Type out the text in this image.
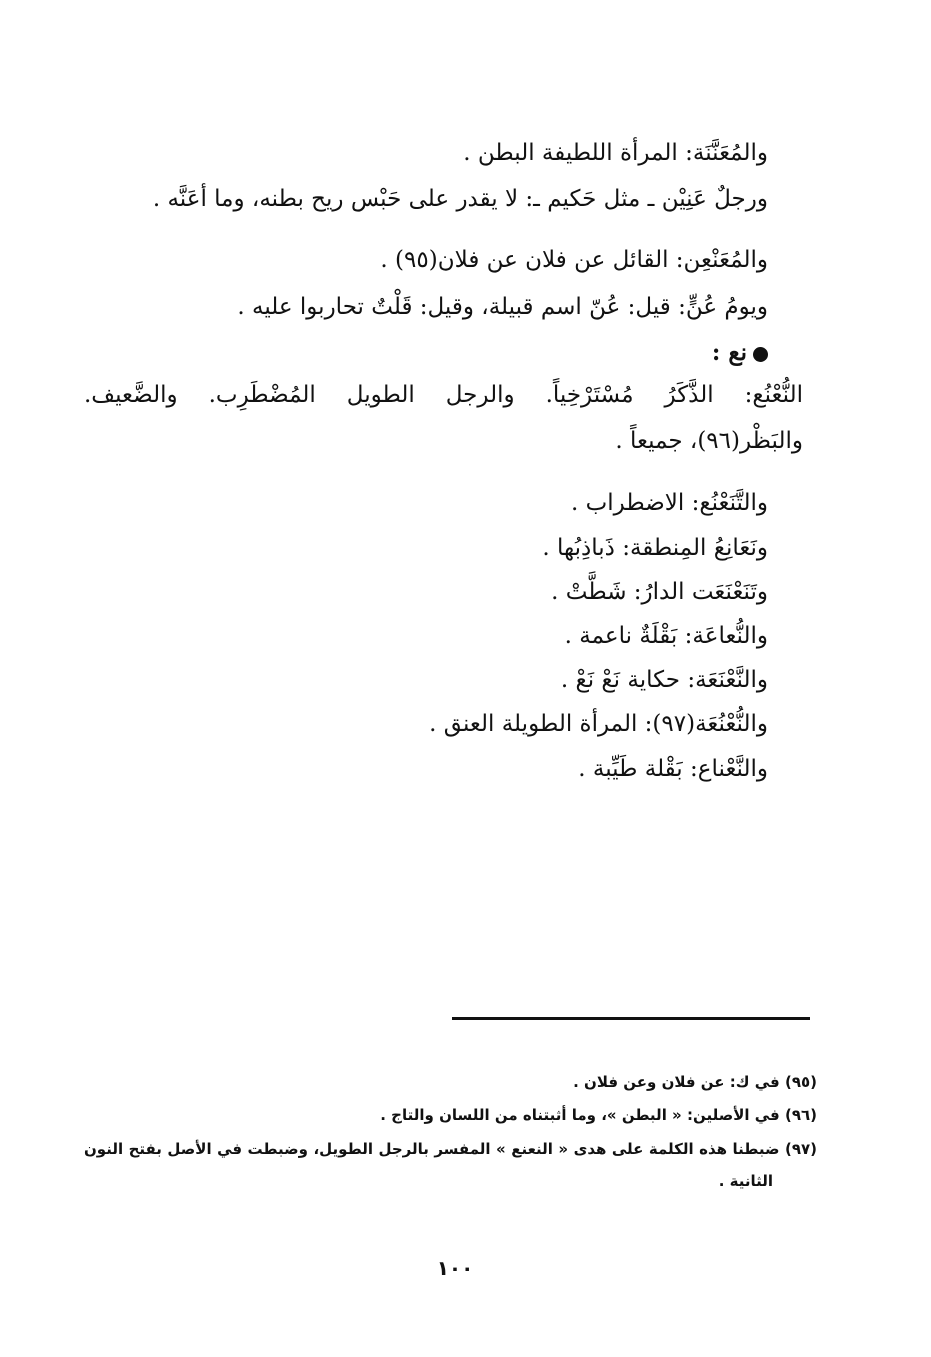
والمُعَنَّنَة: المرأة اللطيفة البطن .
ورجلٌ عَنِيْن ـ مثل حَكيم ـ: لا يقدر على حَبْس ريح بطنه، وما أعَنَّه .
والمُعَنْعِن: القائل عن فلان عن فلان(٩٥) .
ويومُ عُنٍّ: قيل: عُنّ اسم قبيلة، وقيل: قَلْتٌ تحاربوا عليه .
نع :
النُّعْنُع: الذَّكَرُ مُسْتَرْخِياً. والرجل الطويل المُضْطَرِب. والضَّعيف.
والبَظْر(٩٦)، جميعاً .
والتَّنَعْنُع: الاضطراب .
ونَعَانِعُ المِنطقة: ذَباذِبُها .
وتَنَعْنَعَت الدارُ: شَطَّتْ .
والنُّعاعَة: بَقْلَةٌ ناعمة .
والنَّعْنَعَة: حكاية نَعْ نَعْ .
والنُّعْنُعَة(٩٧): المرأة الطويلة العنق .
والنَّعْناع: بَقْلة طَيِّبة .
(٩٥) في ك: عن فلان وعن فلان .
(٩٦) في الأصلين: « البطن »، وما أثبتناه من اللسان والتاج .
(٩٧) ضبطنا هذه الكلمة على هدى « النعنع » المفسر بالرجل الطويل، وضبطت في الأصل بفتح النون
الثانية .
١٠٠
